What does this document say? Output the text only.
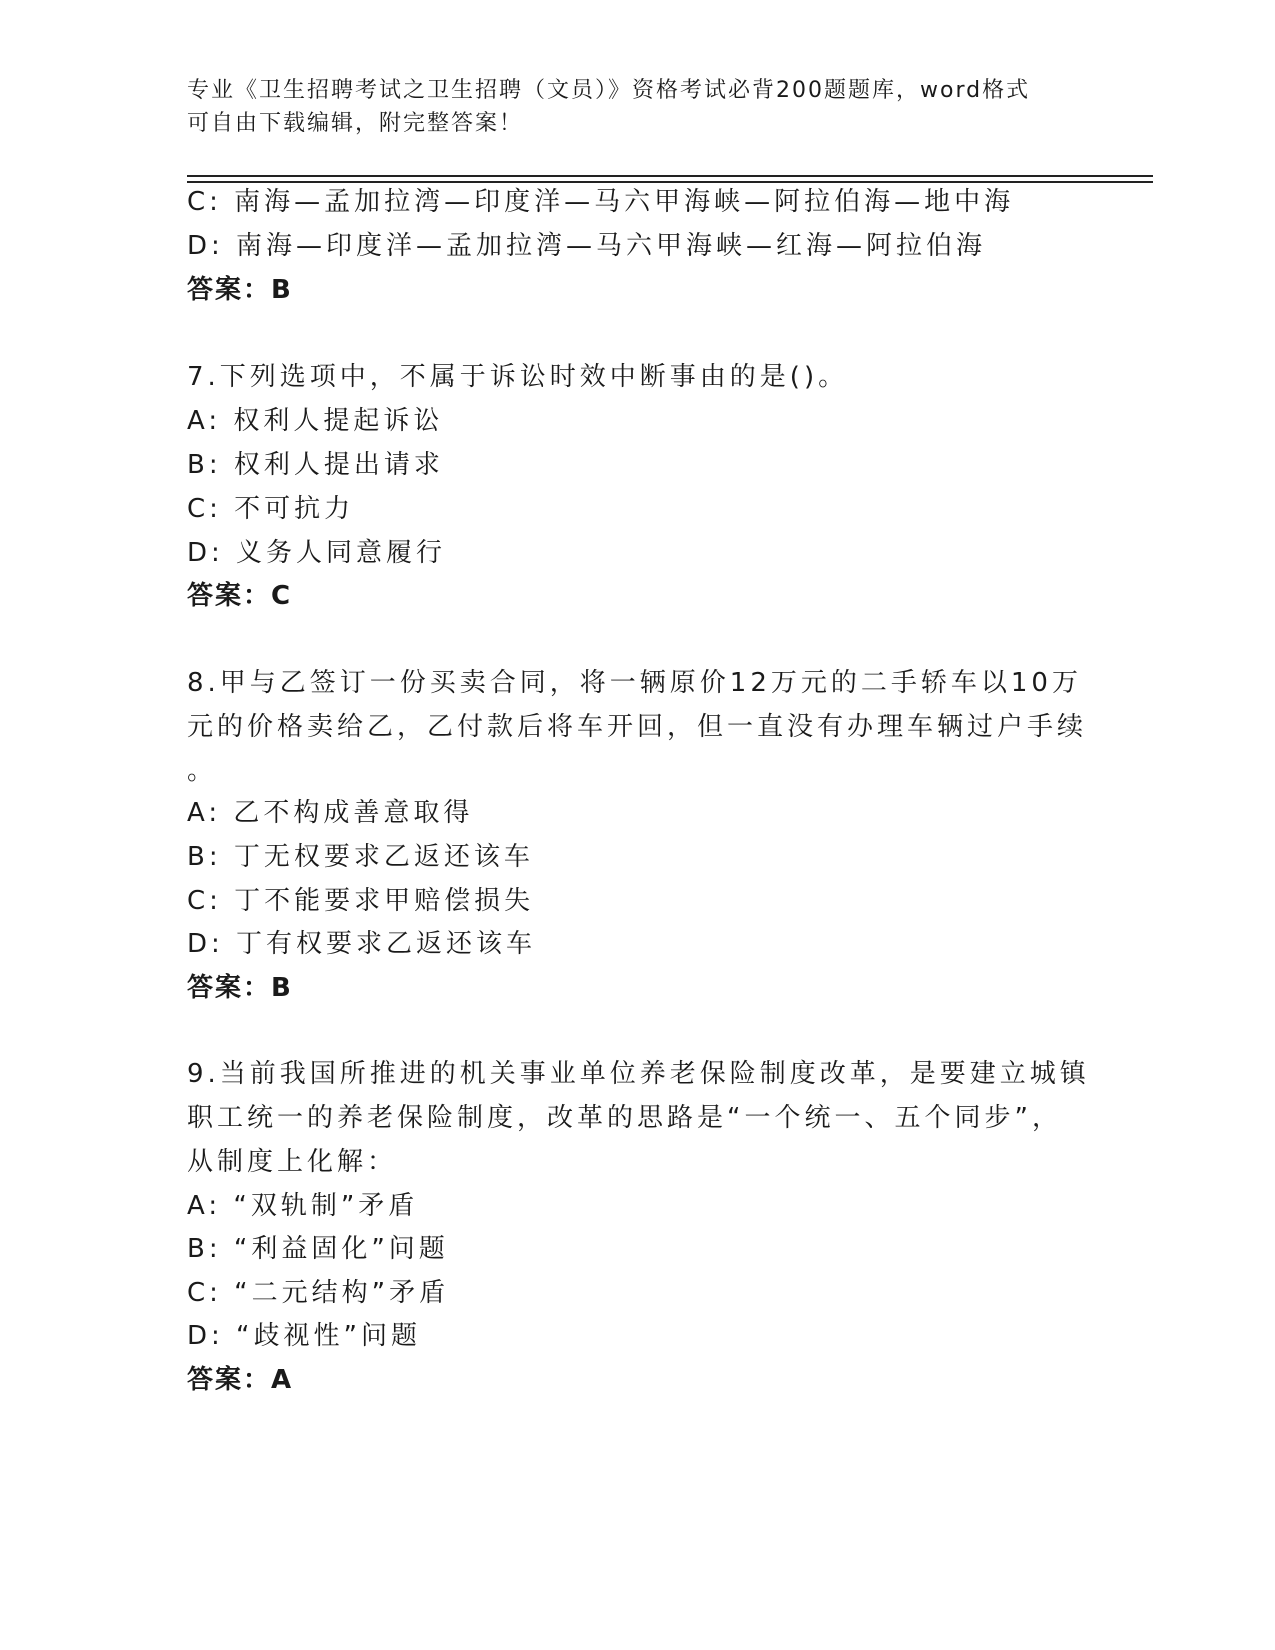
专业《卫生招聘考试之卫生招聘（文员）》资格考试必背200题题库，word格式
可自由下载编辑，附完整答案！
C: 南海—孟加拉湾—印度洋—马六甲海峡—阿拉伯海—地中海
D: 南海—印度洋—孟加拉湾—马六甲海峡—红海—阿拉伯海
答案：B
7.下列选项中，不属于诉讼时效中断事由的是()。
A: 权利人提起诉讼
B: 权利人提出请求
C: 不可抗力
D: 义务人同意履行
答案：C
8.甲与乙签订一份买卖合同，将一辆原价12万元的二手轿车以10万
元的价格卖给乙，乙付款后将车开回，但一直没有办理车辆过户手续
。
A: 乙不构成善意取得
B: 丁无权要求乙返还该车
C: 丁不能要求甲赔偿损失
D: 丁有权要求乙返还该车
答案：B
9.当前我国所推进的机关事业单位养老保险制度改革，是要建立城镇
职工统一的养老保险制度，改革的思路是“一个统一、五个同步”，
从制度上化解：
A: “双轨制”矛盾
B: “利益固化”问题
C: “二元结构”矛盾
D: “歧视性”问题
答案：A
